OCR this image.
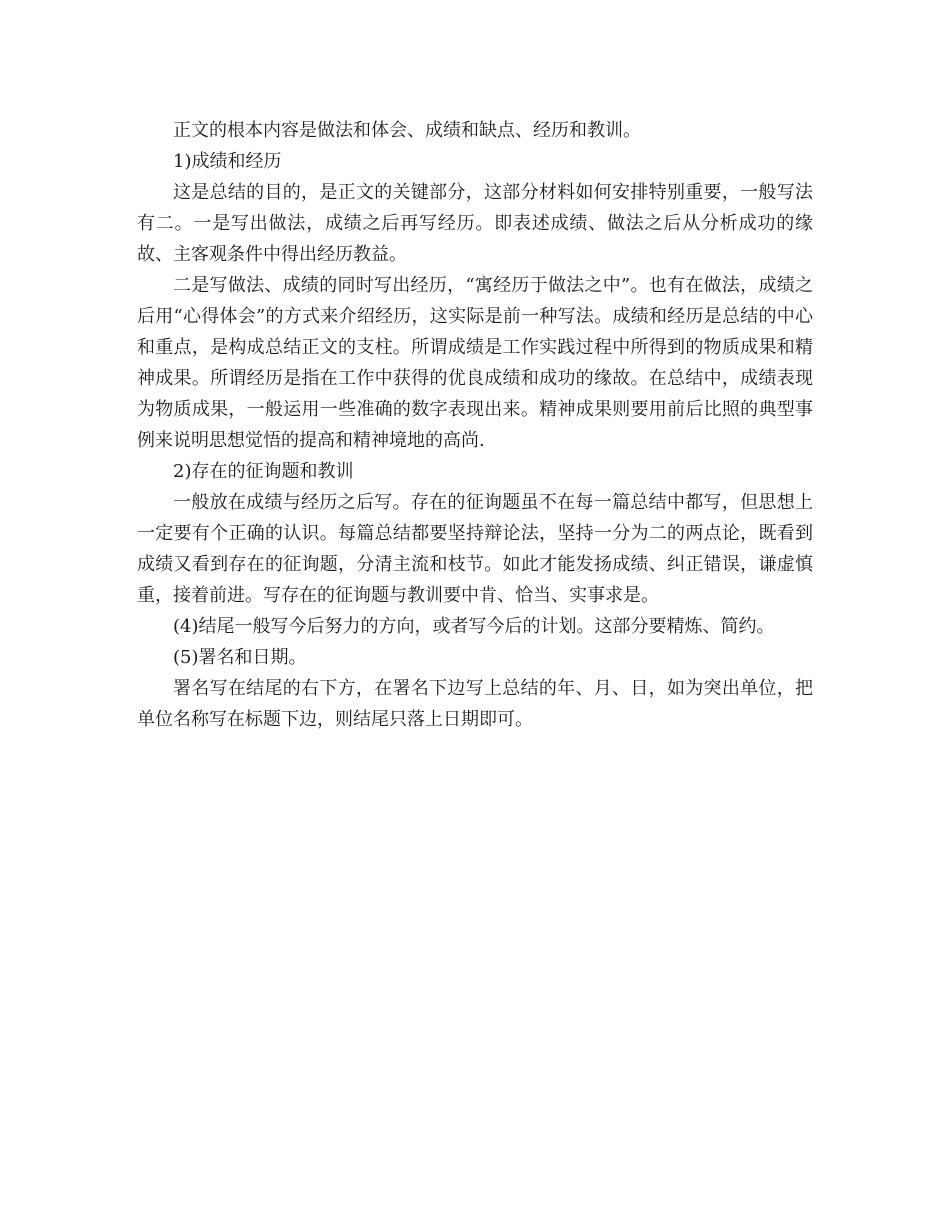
正文的根本内容是做法和体会、成绩和缺点、经历和教训。

1)成绩和经历

这是总结的目的，是正文的关键部分，这部分材料如何安排特别重要，一般写法有二。一是写出做法，成绩之后再写经历。即表述成绩、做法之后从分析成功的缘故、主客观条件中得出经历教益。

二是写做法、成绩的同时写出经历，“寓经历于做法之中”。也有在做法，成绩之后用“心得体会”的方式来介绍经历，这实际是前一种写法。成绩和经历是总结的中心和重点，是构成总结正文的支柱。所谓成绩是工作实践过程中所得到的物质成果和精神成果。所谓经历是指在工作中获得的优良成绩和成功的缘故。在总结中，成绩表现为物质成果，一般运用一些准确的数字表现出来。精神成果则要用前后比照的典型事例来说明思想觉悟的提高和精神境地的高尚.

2)存在的征询题和教训

一般放在成绩与经历之后写。存在的征询题虽不在每一篇总结中都写，但思想上一定要有个正确的认识。每篇总结都要坚持辩论法，坚持一分为二的两点论，既看到成绩又看到存在的征询题，分清主流和枝节。如此才能发扬成绩、纠正错误，谦虚慎重，接着前进。写存在的征询题与教训要中肯、恰当、实事求是。

(4)结尾一般写今后努力的方向，或者写今后的计划。这部分要精炼、简约。

(5)署名和日期。

署名写在结尾的右下方，在署名下边写上总结的年、月、日，如为突出单位，把单位名称写在标题下边，则结尾只落上日期即可。
